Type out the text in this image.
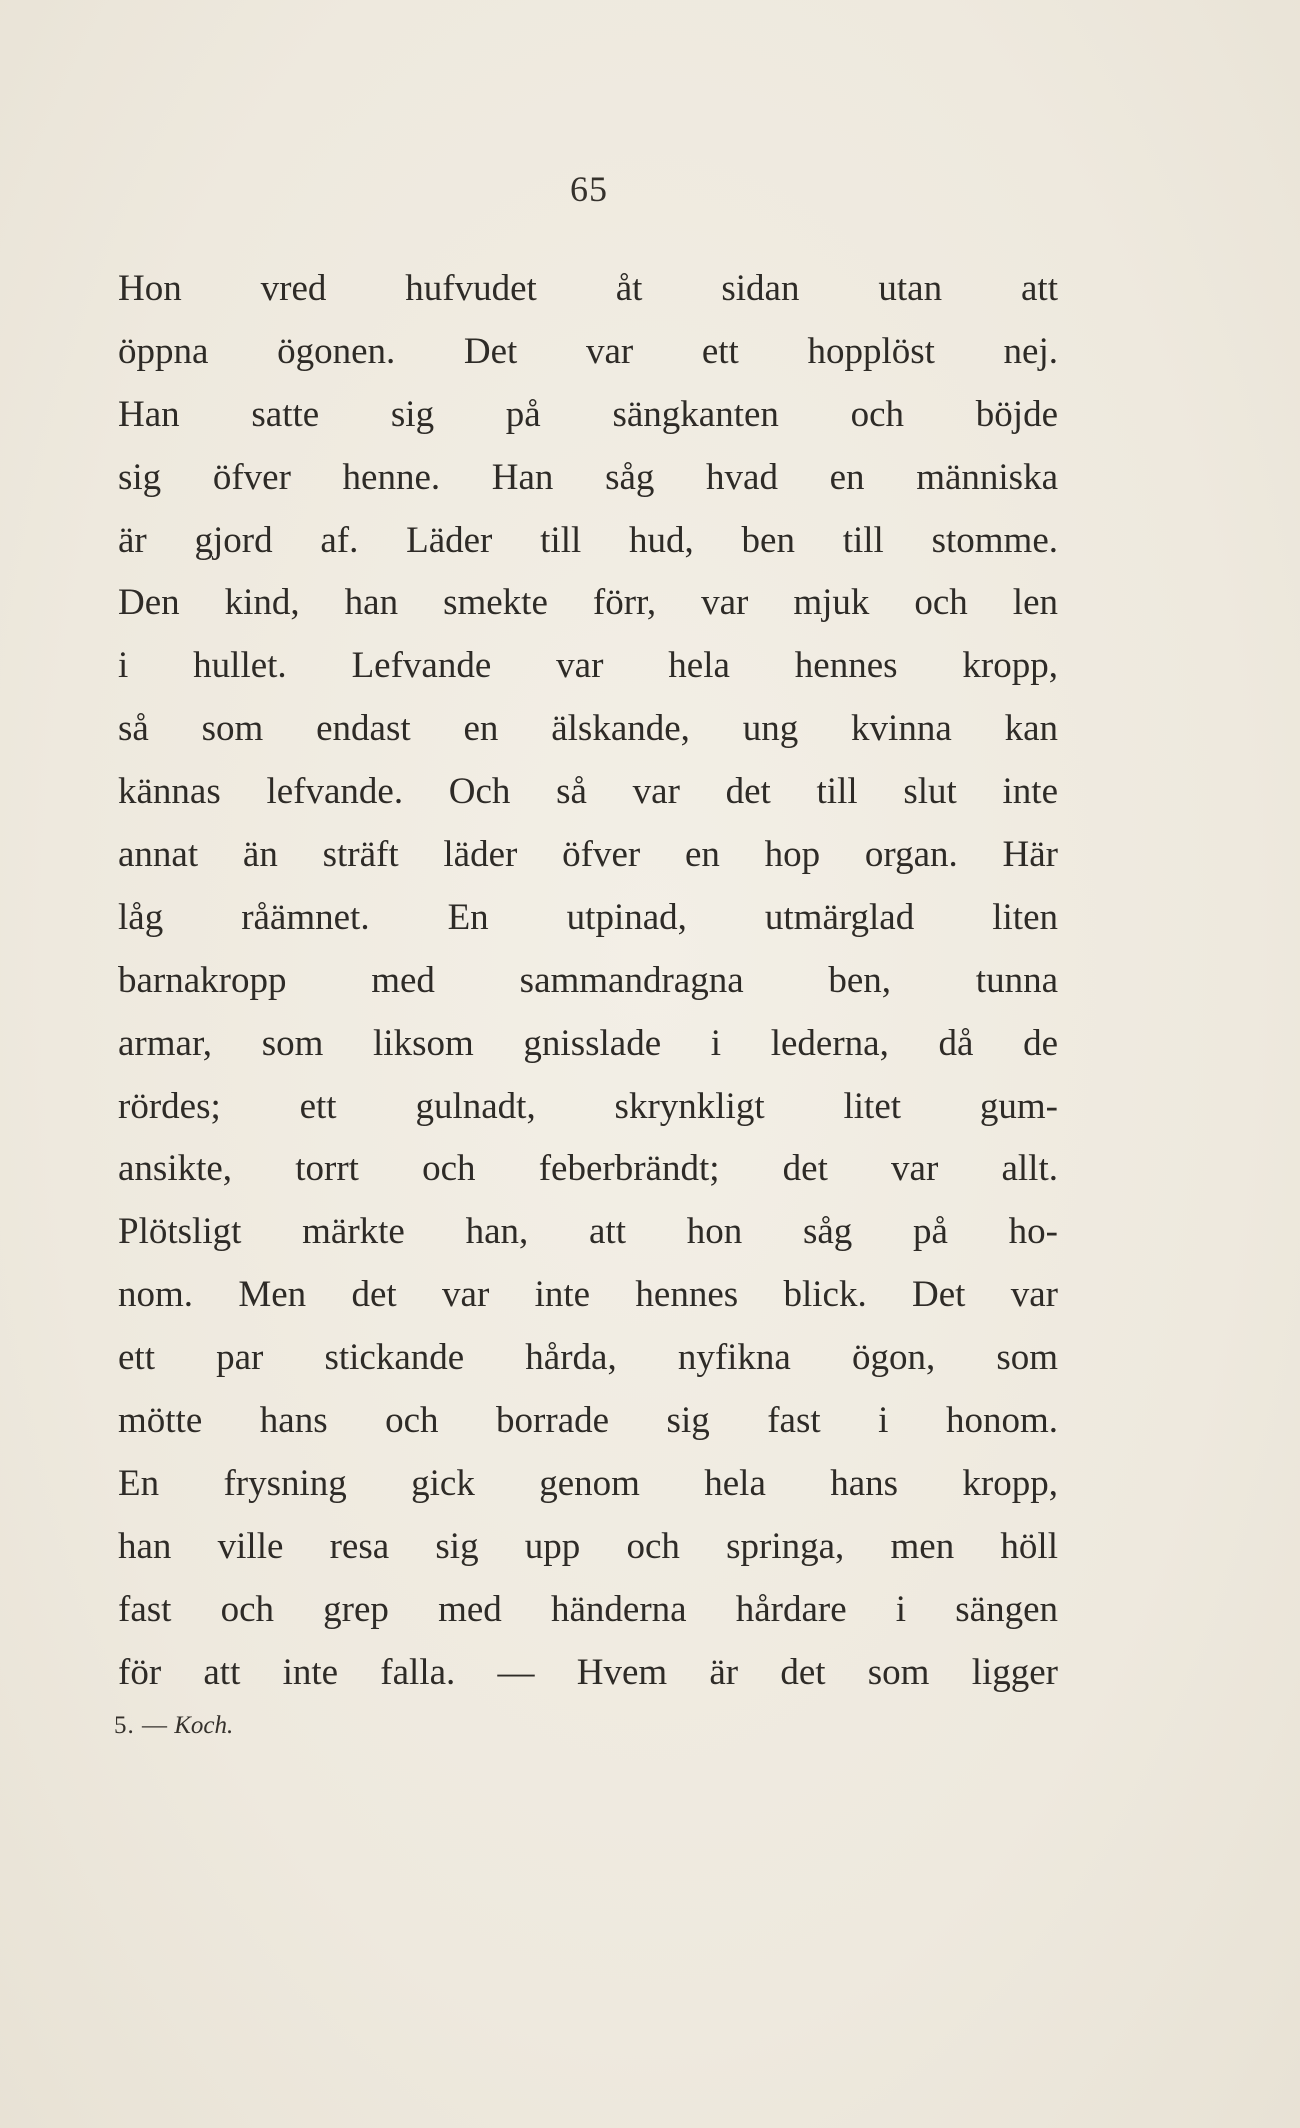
65
Hon vred hufvudet åt sidan utan att
öppna ögonen. Det var ett hopplöst nej.
Han satte sig på sängkanten och böjde
sig öfver henne. Han såg hvad en människa
är gjord af. Läder till hud, ben till stomme.
Den kind, han smekte förr, var mjuk och len
i hullet. Lefvande var hela hennes kropp,
så som endast en älskande, ung kvinna kan
kännas lefvande. Och så var det till slut inte
annat än sträft läder öfver en hop organ. Här
låg råämnet. En utpinad, utmärglad liten
barnakropp med sammandragna ben, tunna
armar, som liksom gnisslade i lederna, då de
rördes; ett gulnadt, skrynkligt litet gum-
ansikte, torrt och feberbrändt; det var allt.
Plötsligt märkte han, att hon såg på ho-
nom. Men det var inte hennes blick. Det var
ett par stickande hårda, nyfikna ögon, som
mötte hans och borrade sig fast i honom.
En frysning gick genom hela hans kropp,
han ville resa sig upp och springa, men höll
fast och grep med händerna hårdare i sängen
för att inte falla. — Hvem är det som ligger
5. — Koch.
